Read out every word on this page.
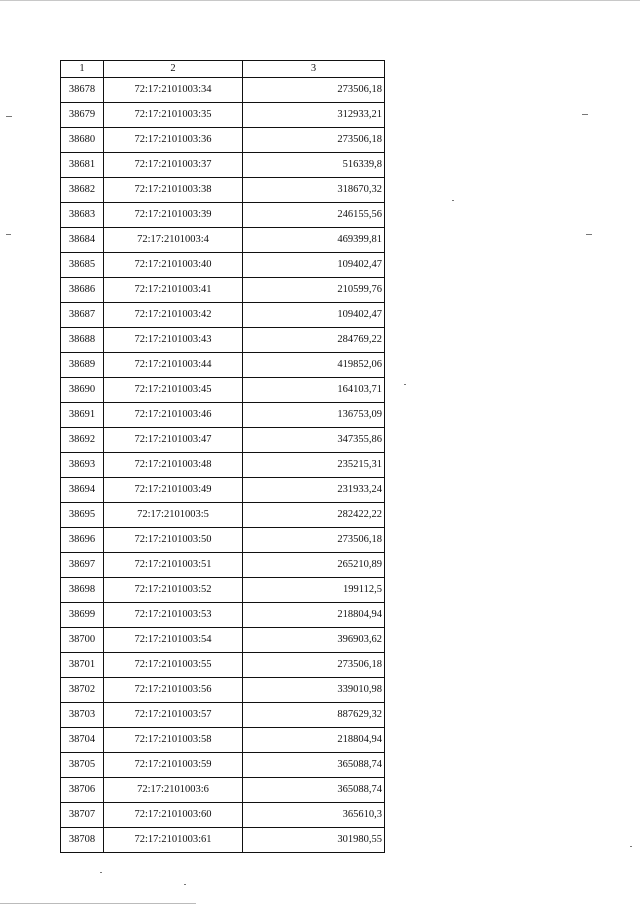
1	2	3
38678	72:17:2101003:34	273506,18
38679	72:17:2101003:35	312933,21
38680	72:17:2101003:36	273506,18
38681	72:17:2101003:37	516339,8
38682	72:17:2101003:38	318670,32
38683	72:17:2101003:39	246155,56
38684	72:17:2101003:4	469399,81
38685	72:17:2101003:40	109402,47
38686	72:17:2101003:41	210599,76
38687	72:17:2101003:42	109402,47
38688	72:17:2101003:43	284769,22
38689	72:17:2101003:44	419852,06
38690	72:17:2101003:45	164103,71
38691	72:17:2101003:46	136753,09
38692	72:17:2101003:47	347355,86
38693	72:17:2101003:48	235215,31
38694	72:17:2101003:49	231933,24
38695	72:17:2101003:5	282422,22
38696	72:17:2101003:50	273506,18
38697	72:17:2101003:51	265210,89
38698	72:17:2101003:52	199112,5
38699	72:17:2101003:53	218804,94
38700	72:17:2101003:54	396903,62
38701	72:17:2101003:55	273506,18
38702	72:17:2101003:56	339010,98
38703	72:17:2101003:57	887629,32
38704	72:17:2101003:58	218804,94
38705	72:17:2101003:59	365088,74
38706	72:17:2101003:6	365088,74
38707	72:17:2101003:60	365610,3
38708	72:17:2101003:61	301980,55
